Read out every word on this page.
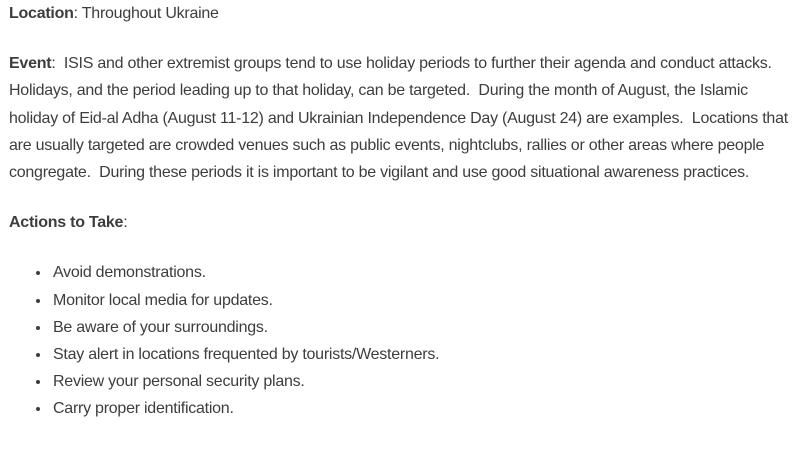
Location: Throughout Ukraine

Event:  ISIS and other extremist groups tend to use holiday periods to further their agenda and conduct attacks.  Holidays, and the period leading up to that holiday, can be targeted.  During the month of August, the Islamic holiday of Eid-al Adha (August 11-12) and Ukrainian Independence Day (August 24) are examples.  Locations that are usually targeted are crowded venues such as public events, nightclubs, rallies or other areas where people congregate.  During these periods it is important to be vigilant and use good situational awareness practices.

Actions to Take:

• Avoid demonstrations.
• Monitor local media for updates.
• Be aware of your surroundings.
• Stay alert in locations frequented by tourists/Westerners.
• Review your personal security plans.
• Carry proper identification.
